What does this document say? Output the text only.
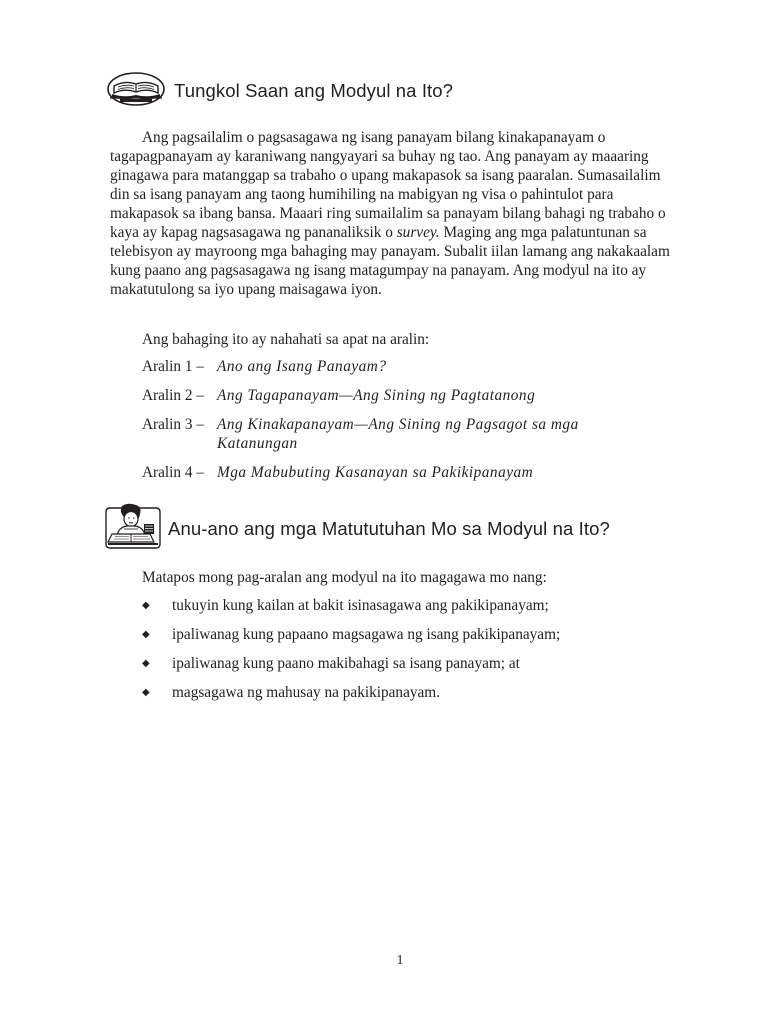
Tungkol Saan ang Modyul na Ito?

Ang pagsailalim o pagsasagawa ng isang panayam bilang kinakapanayam o tagapagpanayam ay karaniwang nangyayari sa buhay ng tao. Ang panayam ay maaaring ginagawa para matanggap sa trabaho o upang makapasok sa isang paaralan. Sumasailalim din sa isang panayam ang taong humihiling na mabigyan ng visa o pahintulot para makapasok sa ibang bansa. Maaari ring sumailalim sa panayam bilang bahagi ng trabaho o kaya ay kapag nagsasagawa ng pananaliksik o survey. Maging ang mga palatuntunan sa telebisyon ay mayroong mga bahaging may panayam. Subalit iilan lamang ang nakakaalam kung paano ang pagsasagawa ng isang matagumpay na panayam. Ang modyul na ito ay makatutulong sa iyo upang maisagawa iyon.

Ang bahaging ito ay nahahati sa apat na aralin:
Aralin 1 – Ano ang Isang Panayam?
Aralin 2 – Ang Tagapanayam—Ang Sining ng Pagtatanong
Aralin 3 – Ang Kinakapanayam—Ang Sining ng Pagsagot sa mga Katanungan
Aralin 4 – Mga Mabubuting Kasanayan sa Pakikipanayam
Anu-ano ang mga Matututuhan Mo sa Modyul na Ito?
Matapos mong pag-aralan ang modyul na ito magagawa mo nang:
◆	tukuyin kung kailan at bakit isinasagawa ang pakikipanayam;
◆	ipaliwanag kung papaano magsagawa ng isang pakikipanayam;
◆	ipaliwanag kung paano makibahagi sa isang panayam; at
◆	magsagawa ng mahusay na pakikipanayam.
1
